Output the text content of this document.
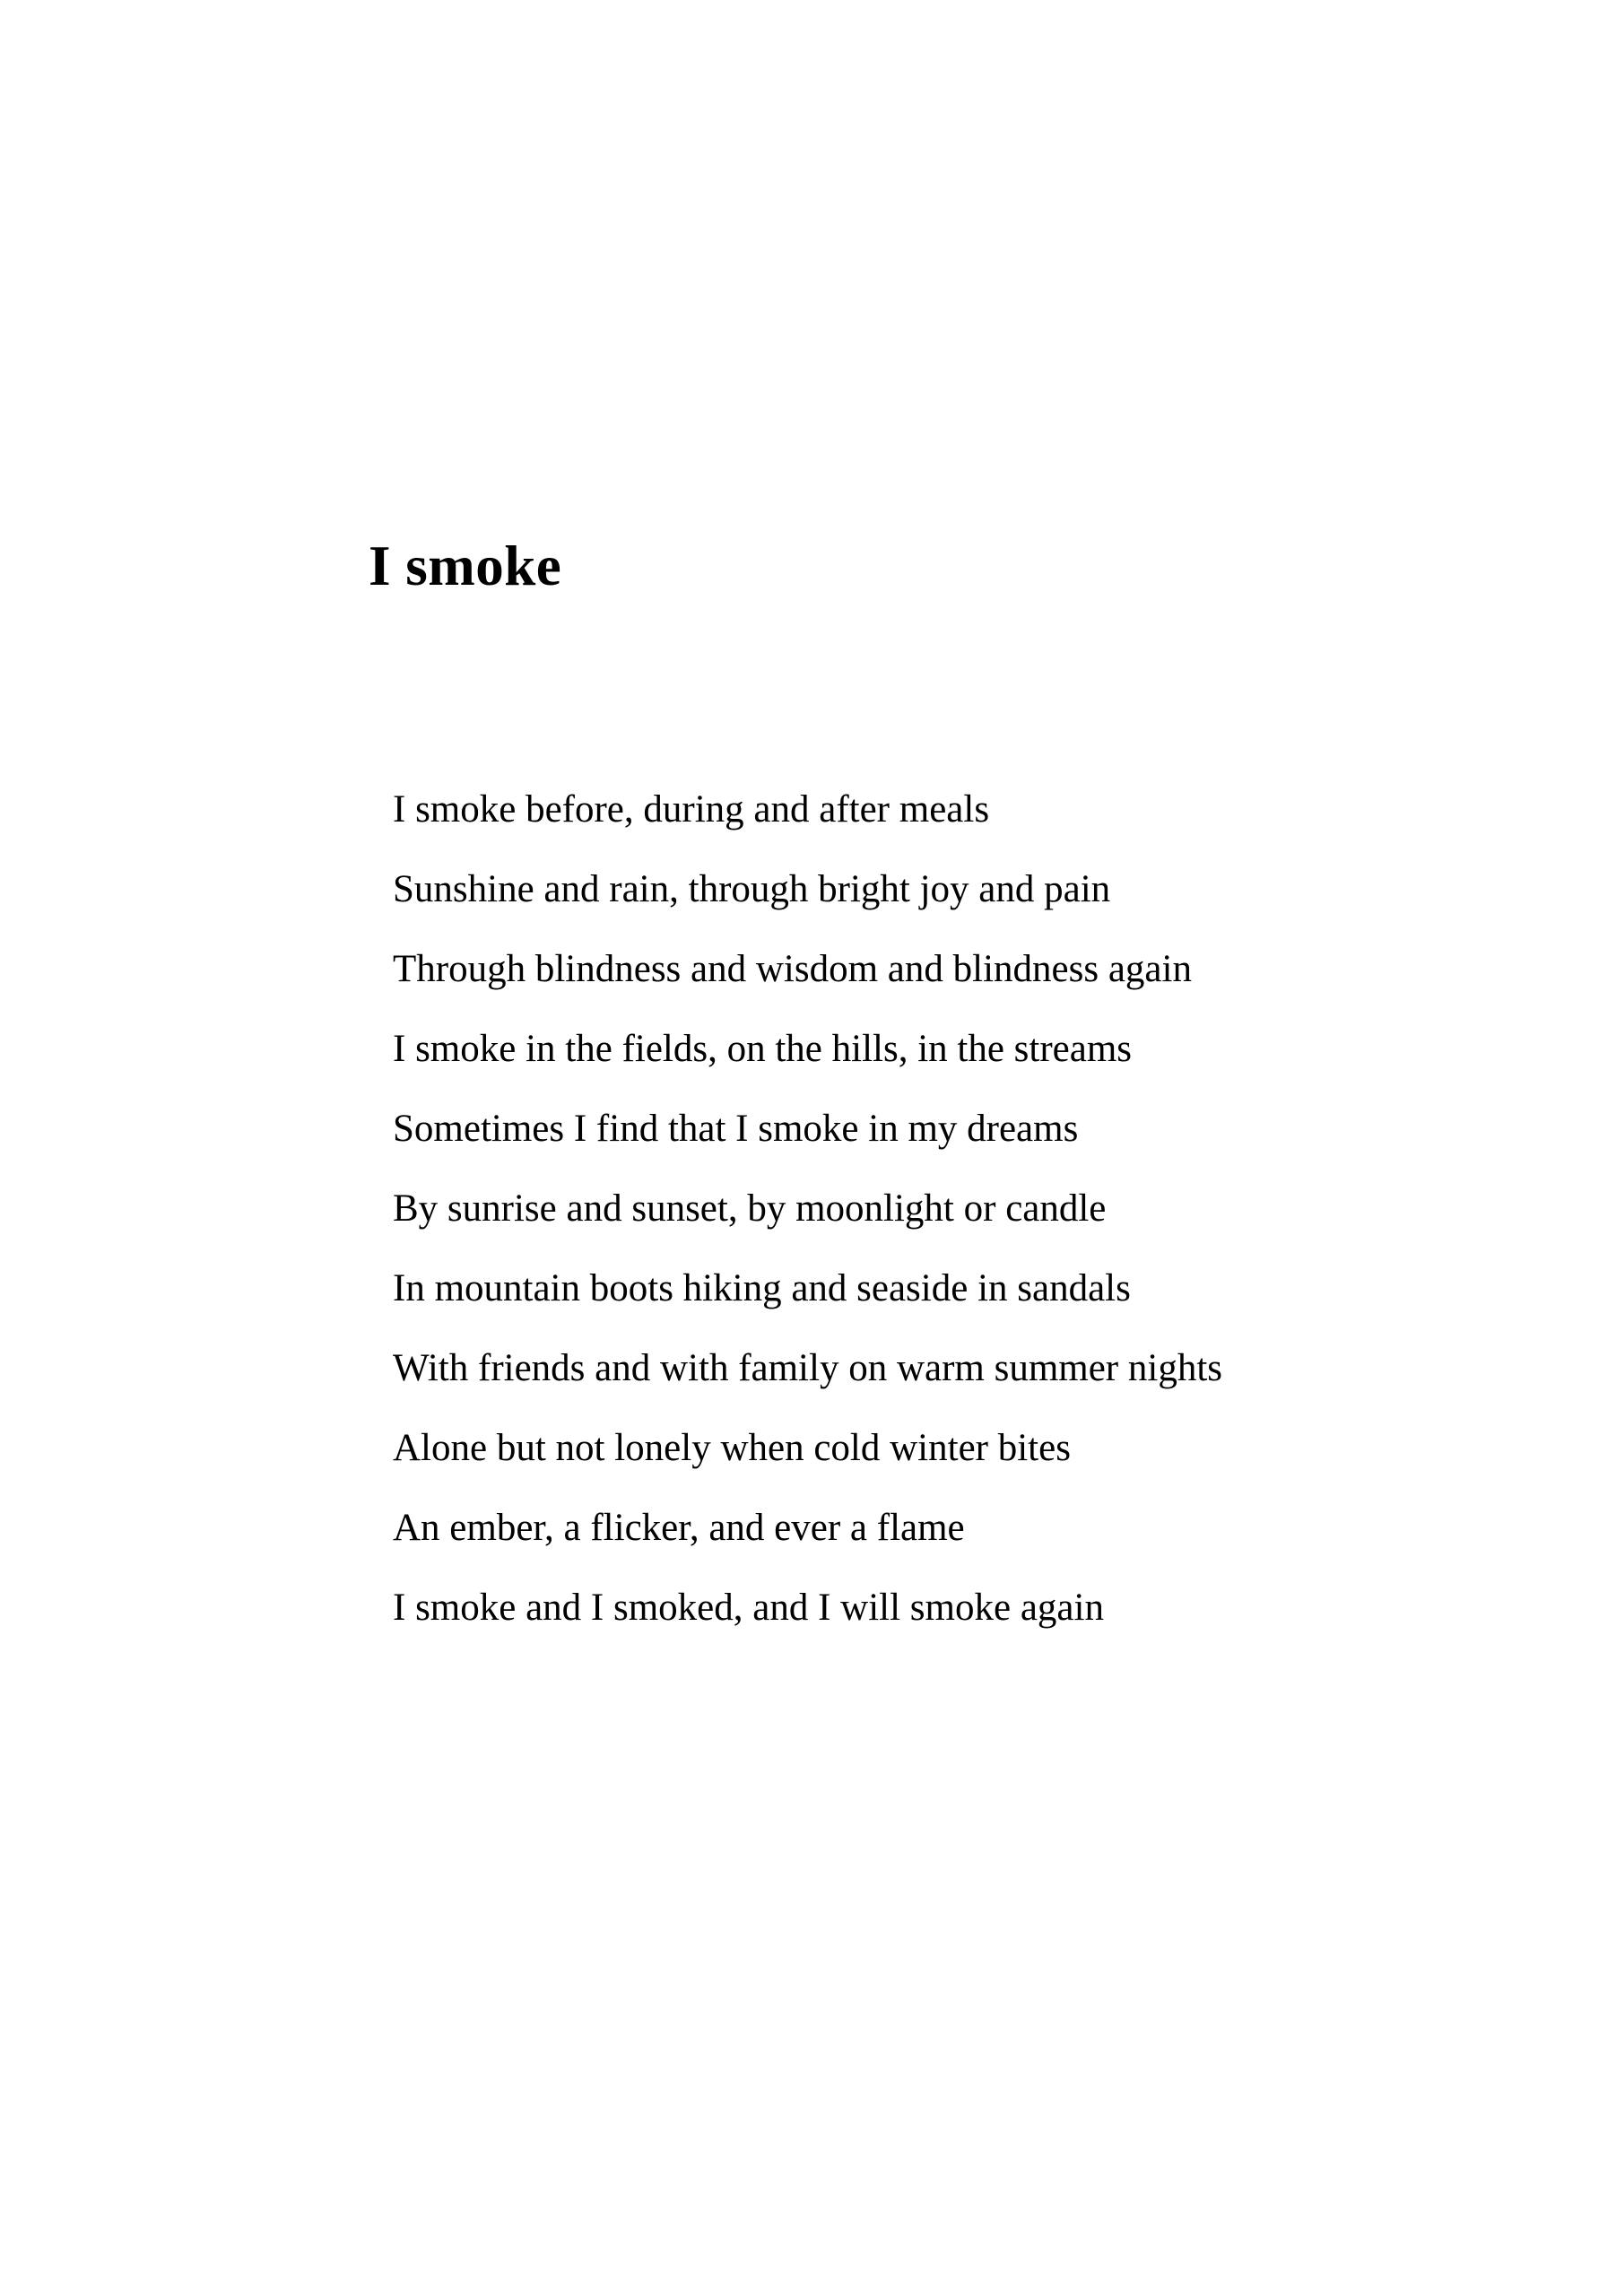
I smoke

I smoke before, during and after meals

Sunshine and rain, through bright joy and pain

Through blindness and wisdom and blindness again

I smoke in the fields, on the hills, in the streams

Sometimes I find that I smoke in my dreams

By sunrise and sunset, by moonlight or candle

In mountain boots hiking and seaside in sandals

With friends and with family on warm summer nights

Alone but not lonely when cold winter bites

An ember, a flicker, and ever a flame

I smoke and I smoked, and I will smoke again
